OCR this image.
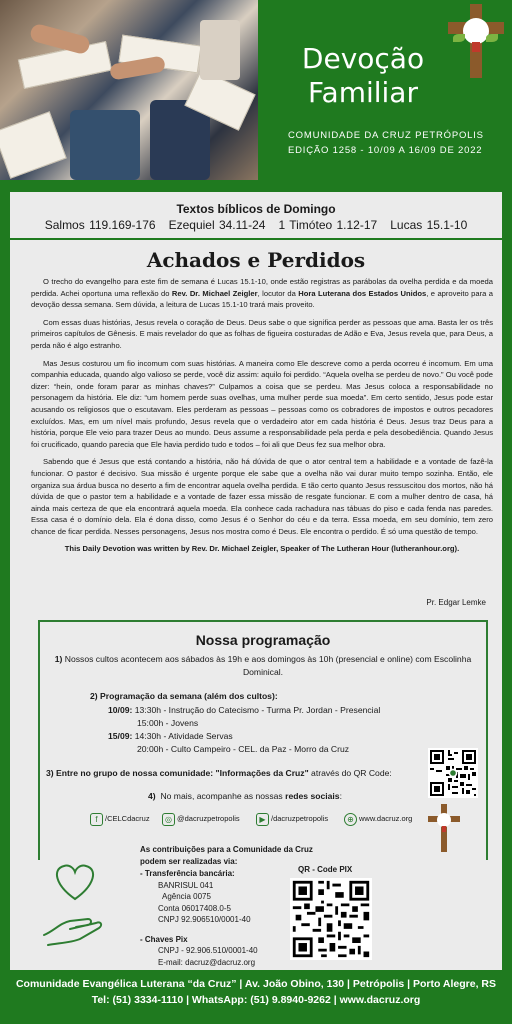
Devoção
Familiar
COMUNIDADE DA CRUZ PETRÓPOLIS
EDIÇÃO 1258 - 10/09 A 16/09 DE 2022
Textos bíblicos de Domingo
Salmos 119.169-176 Ezequiel 34.11-24 1 Timóteo 1.12-17 Lucas 15.1-10
Achados e Perdidos

O trecho do evangelho para este fim de semana é Lucas 15.1-10, onde estão registras as parábolas da ovelha perdida e da moeda perdida. Achei oportuna uma reflexão do Rev. Dr. Michael Zeigler, locutor da Hora Luterana dos Estados Unidos, e aproveito para a devoção dessa semana. Sem dúvida, a leitura de Lucas 15.1-10 trará mais proveito.

Com essas duas histórias, Jesus revela o coração de Deus. Deus sabe o que significa perder as pessoas que ama. Basta ler os três primeiros capítulos de Gênesis. E mais revelador do que as folhas de figueira costuradas de Adão e Eva, Jesus revela que, para Deus, a perda não é algo estranho.

Mas Jesus costurou um fio incomum com suas histórias. A maneira como Ele descreve como a perda ocorreu é incomum. Em uma companhia educada, quando algo valioso se perde, você diz assim: aquilo foi perdido. “Aquela ovelha se perdeu de novo.” Ou você pode dizer: “hein, onde foram parar as minhas chaves?” Culpamos a coisa que se perdeu. Mas Jesus coloca a responsabilidade no personagem da história. Ele diz: “um homem perde suas ovelhas, uma mulher perde sua moeda”. Em certo sentido, Jesus pode estar acusando os religiosos que o escutavam. Eles perderam as pessoas – pessoas como os cobradores de impostos e outros pecadores excluídos. Mas, em um nível mais profundo, Jesus revela que o verdadeiro ator em cada história é Deus. Jesus traz Deus para a história, porque Ele veio para trazer Deus ao mundo. Deus assume a responsabilidade pela perda e pela desobediência. Quando Jesus foi crucificado, quando parecia que Ele havia perdido tudo e todos – foi ali que Deus fez sua melhor obra.

Sabendo que é Jesus que está contando a história, não há dúvida de que o ator central tem a habilidade e a vontade de fazê-la funcionar. O pastor é decisivo. Sua missão é urgente porque ele sabe que a ovelha não vai durar muito tempo sozinha. Então, ele organiza sua árdua busca no deserto a fim de encontrar aquela ovelha perdida. E tão certo quanto Jesus ressuscitou dos mortos, não há dúvida de que o pastor tem a habilidade e a vontade de fazer essa missão de resgate funcionar. E com a mulher dentro de casa, há ainda mais certeza de que ela encontrará aquela moeda. Ela conhece cada rachadura nas tábuas do piso e cada fenda nas paredes. Essa casa é o domínio dela. Ela é dona disso, como Jesus é o Senhor do céu e da terra. Essa moeda, em seu domínio, tem zero chance de ficar perdida. Nesses personagens, Jesus nos mostra como é Deus. Ele encontra o perdido. É só uma questão de tempo.

This Daily Devotion was written by Rev. Dr. Michael Zeigler, Speaker of The Lutheran Hour (lutheranhour.org).

Pr. Edgar Lemke
Nossa programação
1) Nossos cultos acontecem aos sábados às 19h e aos domingos às 10h (presencial e online) com Escolinha Dominical.
2) Programação da semana (além dos cultos):
10/09: 13:30h - Instrução do Catecismo - Turma Pr. Jordan - Presencial
15:00h - Jovens
15/09: 14:30h - Atividade Servas
20:00h - Culto Campeiro - CEL. da Paz - Morro da Cruz
3) Entre no grupo de nossa comunidade: "Informações da Cruz" através do QR Code:
4) No mais, acompanhe as nossas redes sociais:
f /CELCdacruz	◎ @dacruzpetropolis	▶ /dacruzpetropolis	⊕ www.dacruz.org
As contribuições para a Comunidade da Cruz
podem ser realizadas via:
- Transferência bancária:
BANRISUL 041
Agência 0075
Conta 06017408.0-5
CNPJ 92.906510/0001-40
- Chaves Pix
CNPJ - 92.906.510/0001-40
E-mail: dacruz@dacruz.org
QR - Code PIX
Comunidade Evangélica Luterana “da Cruz” | Av. João Obino, 130 | Petrópolis | Porto Alegre, RS
Tel: (51) 3334-1110 | WhatsApp: (51) 9.8940-9262 | www.dacruz.org
